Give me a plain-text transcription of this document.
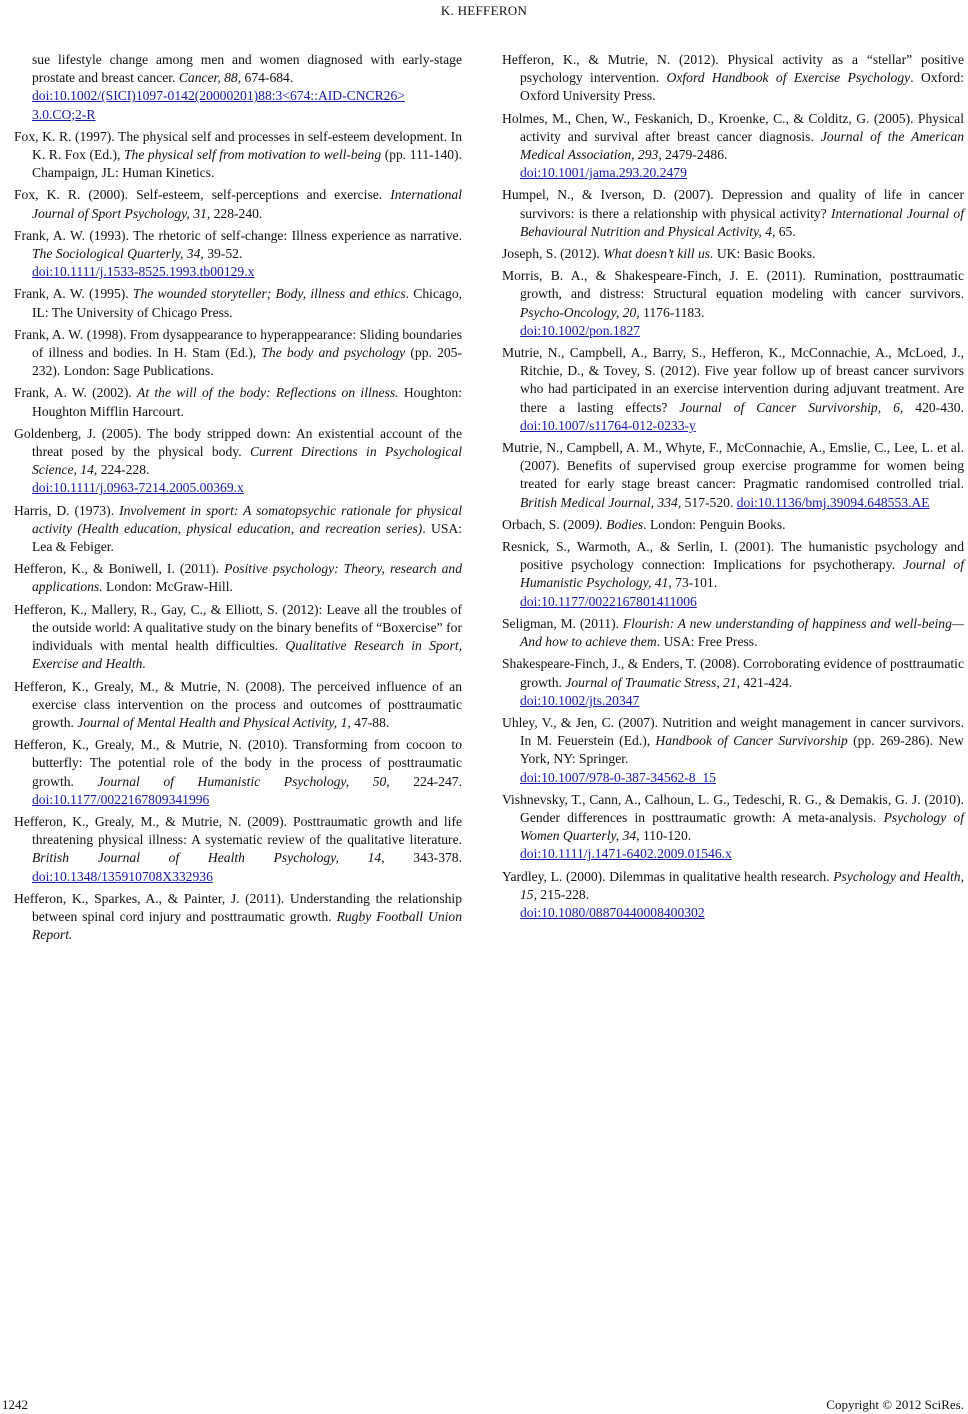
K. HEFFERON
sue lifestyle change among men and women diagnosed with early-stage prostate and breast cancer. Cancer, 88, 674-684.
doi:10.1002/(SICI)1097-0142(20000201)88:3<674::AID-CNCR26> 3.0.CO;2-R
Fox, K. R. (1997). The physical self and processes in self-esteem development. In K. R. Fox (Ed.), The physical self from motivation to well-being (pp. 111-140). Champaign, JL: Human Kinetics.
Fox, K. R. (2000). Self-esteem, self-perceptions and exercise. International Journal of Sport Psychology, 31, 228-240.
Frank, A. W. (1993). The rhetoric of self-change: Illness experience as narrative. The Sociological Quarterly, 34, 39-52.
doi:10.1111/j.1533-8525.1993.tb00129.x
Frank, A. W. (1995). The wounded storyteller; Body, illness and ethics. Chicago, IL: The University of Chicago Press.
Frank, A. W. (1998). From dysappearance to hyperappearance: Sliding boundaries of illness and bodies. In H. Stam (Ed.), The body and psychology (pp. 205-232). London: Sage Publications.
Frank, A. W. (2002). At the will of the body: Reflections on illness. Houghton: Houghton Mifflin Harcourt.
Goldenberg, J. (2005). The body stripped down: An existential account of the threat posed by the physical body. Current Directions in Psychological Science, 14, 224-228.
doi:10.1111/j.0963-7214.2005.00369.x
Harris, D. (1973). Involvement in sport: A somatopsychic rationale for physical activity (Health education, physical education, and recreation series). USA: Lea & Febiger.
Hefferon, K., & Boniwell, I. (2011). Positive psychology: Theory, research and applications. London: McGraw-Hill.
Hefferon, K., Mallery, R., Gay, C., & Elliott, S. (2012): Leave all the troubles of the outside world: A qualitative study on the binary benefits of “Boxercise” for individuals with mental health difficulties. Qualitative Research in Sport, Exercise and Health.
Hefferon, K., Grealy, M., & Mutrie, N. (2008). The perceived influence of an exercise class intervention on the process and outcomes of posttraumatic growth. Journal of Mental Health and Physical Activity, 1, 47-88.
Hefferon, K., Grealy, M., & Mutrie, N. (2010). Transforming from cocoon to butterfly: The potential role of the body in the process of posttraumatic growth. Journal of Humanistic Psychology, 50, 224-247. doi:10.1177/0022167809341996
Hefferon, K., Grealy, M., & Mutrie, N. (2009). Posttraumatic growth and life threatening physical illness: A systematic review of the qualitative literature. British Journal of Health Psychology, 14, 343-378. doi:10.1348/135910708X332936
Hefferon, K., Sparkes, A., & Painter, J. (2011). Understanding the relationship between spinal cord injury and posttraumatic growth. Rugby Football Union Report.
Hefferon, K., & Mutrie, N. (2012). Physical activity as a “stellar” positive psychology intervention. Oxford Handbook of Exercise Psychology. Oxford: Oxford University Press.
Holmes, M., Chen, W., Feskanich, D., Kroenke, C., & Colditz, G. (2005). Physical activity and survival after breast cancer diagnosis. Journal of the American Medical Association, 293, 2479-2486.
doi:10.1001/jama.293.20.2479
Humpel, N., & Iverson, D. (2007). Depression and quality of life in cancer survivors: is there a relationship with physical activity? International Journal of Behavioural Nutrition and Physical Activity, 4, 65.
Joseph, S. (2012). What doesn’t kill us. UK: Basic Books.
Morris, B. A., & Shakespeare-Finch, J. E. (2011). Rumination, posttraumatic growth, and distress: Structural equation modeling with cancer survivors. Psycho-Oncology, 20, 1176-1183.
doi:10.1002/pon.1827
Mutrie, N., Campbell, A., Barry, S., Hefferon, K., McConnachie, A., McLoed, J., Ritchie, D., & Tovey, S. (2012). Five year follow up of breast cancer survivors who had participated in an exercise intervention during adjuvant treatment. Are there a lasting effects? Journal of Cancer Survivorship, 6, 420-430. doi:10.1007/s11764-012-0233-y
Mutrie, N., Campbell, A. M., Whyte, F., McConnachie, A., Emslie, C., Lee, L. et al. (2007). Benefits of supervised group exercise programme for women being treated for early stage breast cancer: Pragmatic randomised controlled trial. British Medical Journal, 334, 517-520. doi:10.1136/bmj.39094.648553.AE
Orbach, S. (2009). Bodies. London: Penguin Books.
Resnick, S., Warmoth, A., & Serlin, I. (2001). The humanistic psychology and positive psychology connection: Implications for psychotherapy. Journal of Humanistic Psychology, 41, 73-101.
doi:10.1177/0022167801411006
Seligman, M. (2011). Flourish: A new understanding of happiness and well-being—And how to achieve them. USA: Free Press.
Shakespeare-Finch, J., & Enders, T. (2008). Corroborating evidence of posttraumatic growth. Journal of Traumatic Stress, 21, 421-424.
doi:10.1002/jts.20347
Uhley, V., & Jen, C. (2007). Nutrition and weight management in cancer survivors. In M. Feuerstein (Ed.), Handbook of Cancer Survivorship (pp. 269-286). New York, NY: Springer.
doi:10.1007/978-0-387-34562-8_15
Vishnevsky, T., Cann, A., Calhoun, L. G., Tedeschi, R. G., & Demakis, G. J. (2010). Gender differences in posttraumatic growth: A meta-analysis. Psychology of Women Quarterly, 34, 110-120.
doi:10.1111/j.1471-6402.2009.01546.x
Yardley, L. (2000). Dilemmas in qualitative health research. Psychology and Health, 15, 215-228.
doi:10.1080/08870440008400302
1242	Copyright © 2012 SciRes.
